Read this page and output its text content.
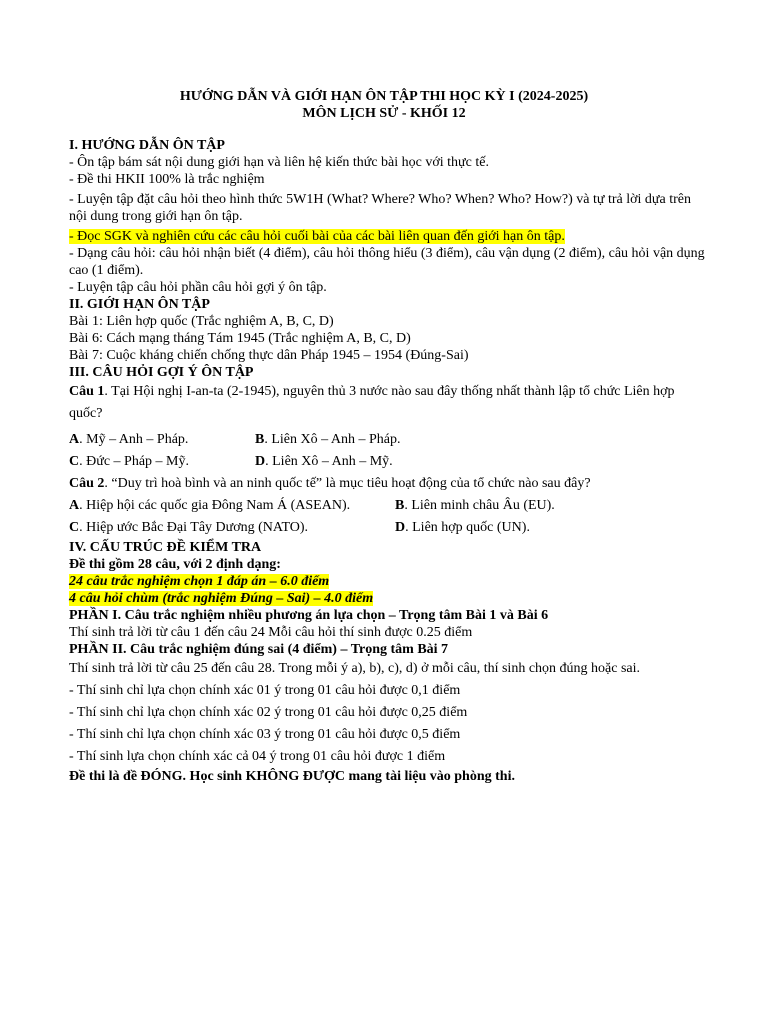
HƯỚNG DẪN VÀ GIỚI HẠN ÔN TẬP THI HỌC KỲ I (2024-2025)
MÔN LỊCH SỬ - KHỐI 12

I. HƯỚNG DẪN ÔN TẬP

- Ôn tập bám sát nội dung giới hạn và liên hệ kiến thức bài học với thực tế.

- Đề thi HKII 100% là trắc nghiệm

- Luyện tập đặt câu hỏi theo hình thức 5W1H (What? Where? Who? When? Who? How?) và tự trả lời dựa trên nội dung trong giới hạn ôn tập.

- Đọc SGK và nghiên cứu các câu hỏi cuối bài của các bài liên quan đến giới hạn ôn tập.

- Dạng câu hỏi: câu hỏi nhận biết (4 điểm), câu hỏi thông hiểu (3 điểm), câu vận dụng (2 điểm), câu hỏi vận dụng cao (1 điểm).

- Luyện tập câu hỏi phần câu hỏi gợi ý ôn tập.

II. GIỚI HẠN ÔN TẬP

Bài 1: Liên hợp quốc (Trắc nghiệm A, B, C, D)

Bài 6: Cách mạng tháng Tám 1945 (Trắc nghiệm A, B, C, D)

Bài 7: Cuộc kháng chiến chống thực dân Pháp 1945 – 1954 (Đúng-Sai)

III. CÂU HỎI GỢI Ý ÔN TẬP

Câu 1. Tại Hội nghị I-an-ta (2-1945), nguyên thủ 3 nước nào sau đây thống nhất thành lập tổ chức Liên hợp quốc?

A. Mỹ – Anh – Pháp.	B. Liên Xô – Anh – Pháp.
C. Đức – Pháp – Mỹ.	D. Liên Xô – Anh – Mỹ.

Câu 2. “Duy trì hoà bình và an ninh quốc tế” là mục tiêu hoạt động của tổ chức nào sau đây?

A. Hiệp hội các quốc gia Đông Nam Á (ASEAN).	B. Liên minh châu Âu (EU).
C. Hiệp ước Bắc Đại Tây Dương (NATO).	D. Liên hợp quốc (UN).

IV. CẤU TRÚC ĐỀ KIỂM TRA

Đề thi gồm 28 câu, với 2 định dạng:

24 câu trắc nghiệm chọn 1 đáp án – 6.0 điểm

4 câu hỏi chùm (trắc nghiệm Đúng – Sai) – 4.0 điểm

PHẦN I. Câu trắc nghiệm nhiều phương án lựa chọn – Trọng tâm Bài 1 và Bài 6

Thí sinh trả lời từ câu 1 đến câu 24 Mỗi câu hỏi thí sinh được 0.25 điểm

PHẦN II. Câu trắc nghiệm đúng sai (4 điểm) – Trọng tâm Bài 7

Thí sinh trả lời từ câu 25 đến câu 28. Trong mỗi ý a), b), c), d) ở mỗi câu, thí sinh chọn đúng hoặc sai.

- Thí sinh chỉ lựa chọn chính xác 01 ý trong 01 câu hỏi được 0,1 điểm

- Thí sinh chỉ lựa chọn chính xác 02 ý trong 01 câu hỏi được 0,25 điểm

- Thí sinh chỉ lựa chọn chính xác 03 ý trong 01 câu hỏi được 0,5 điểm

- Thí sinh lựa chọn chính xác cả 04 ý trong 01 câu hỏi được 1 điểm

Đề thi là đề ĐÓNG. Học sinh KHÔNG ĐƯỢC mang tài liệu vào phòng thi.
